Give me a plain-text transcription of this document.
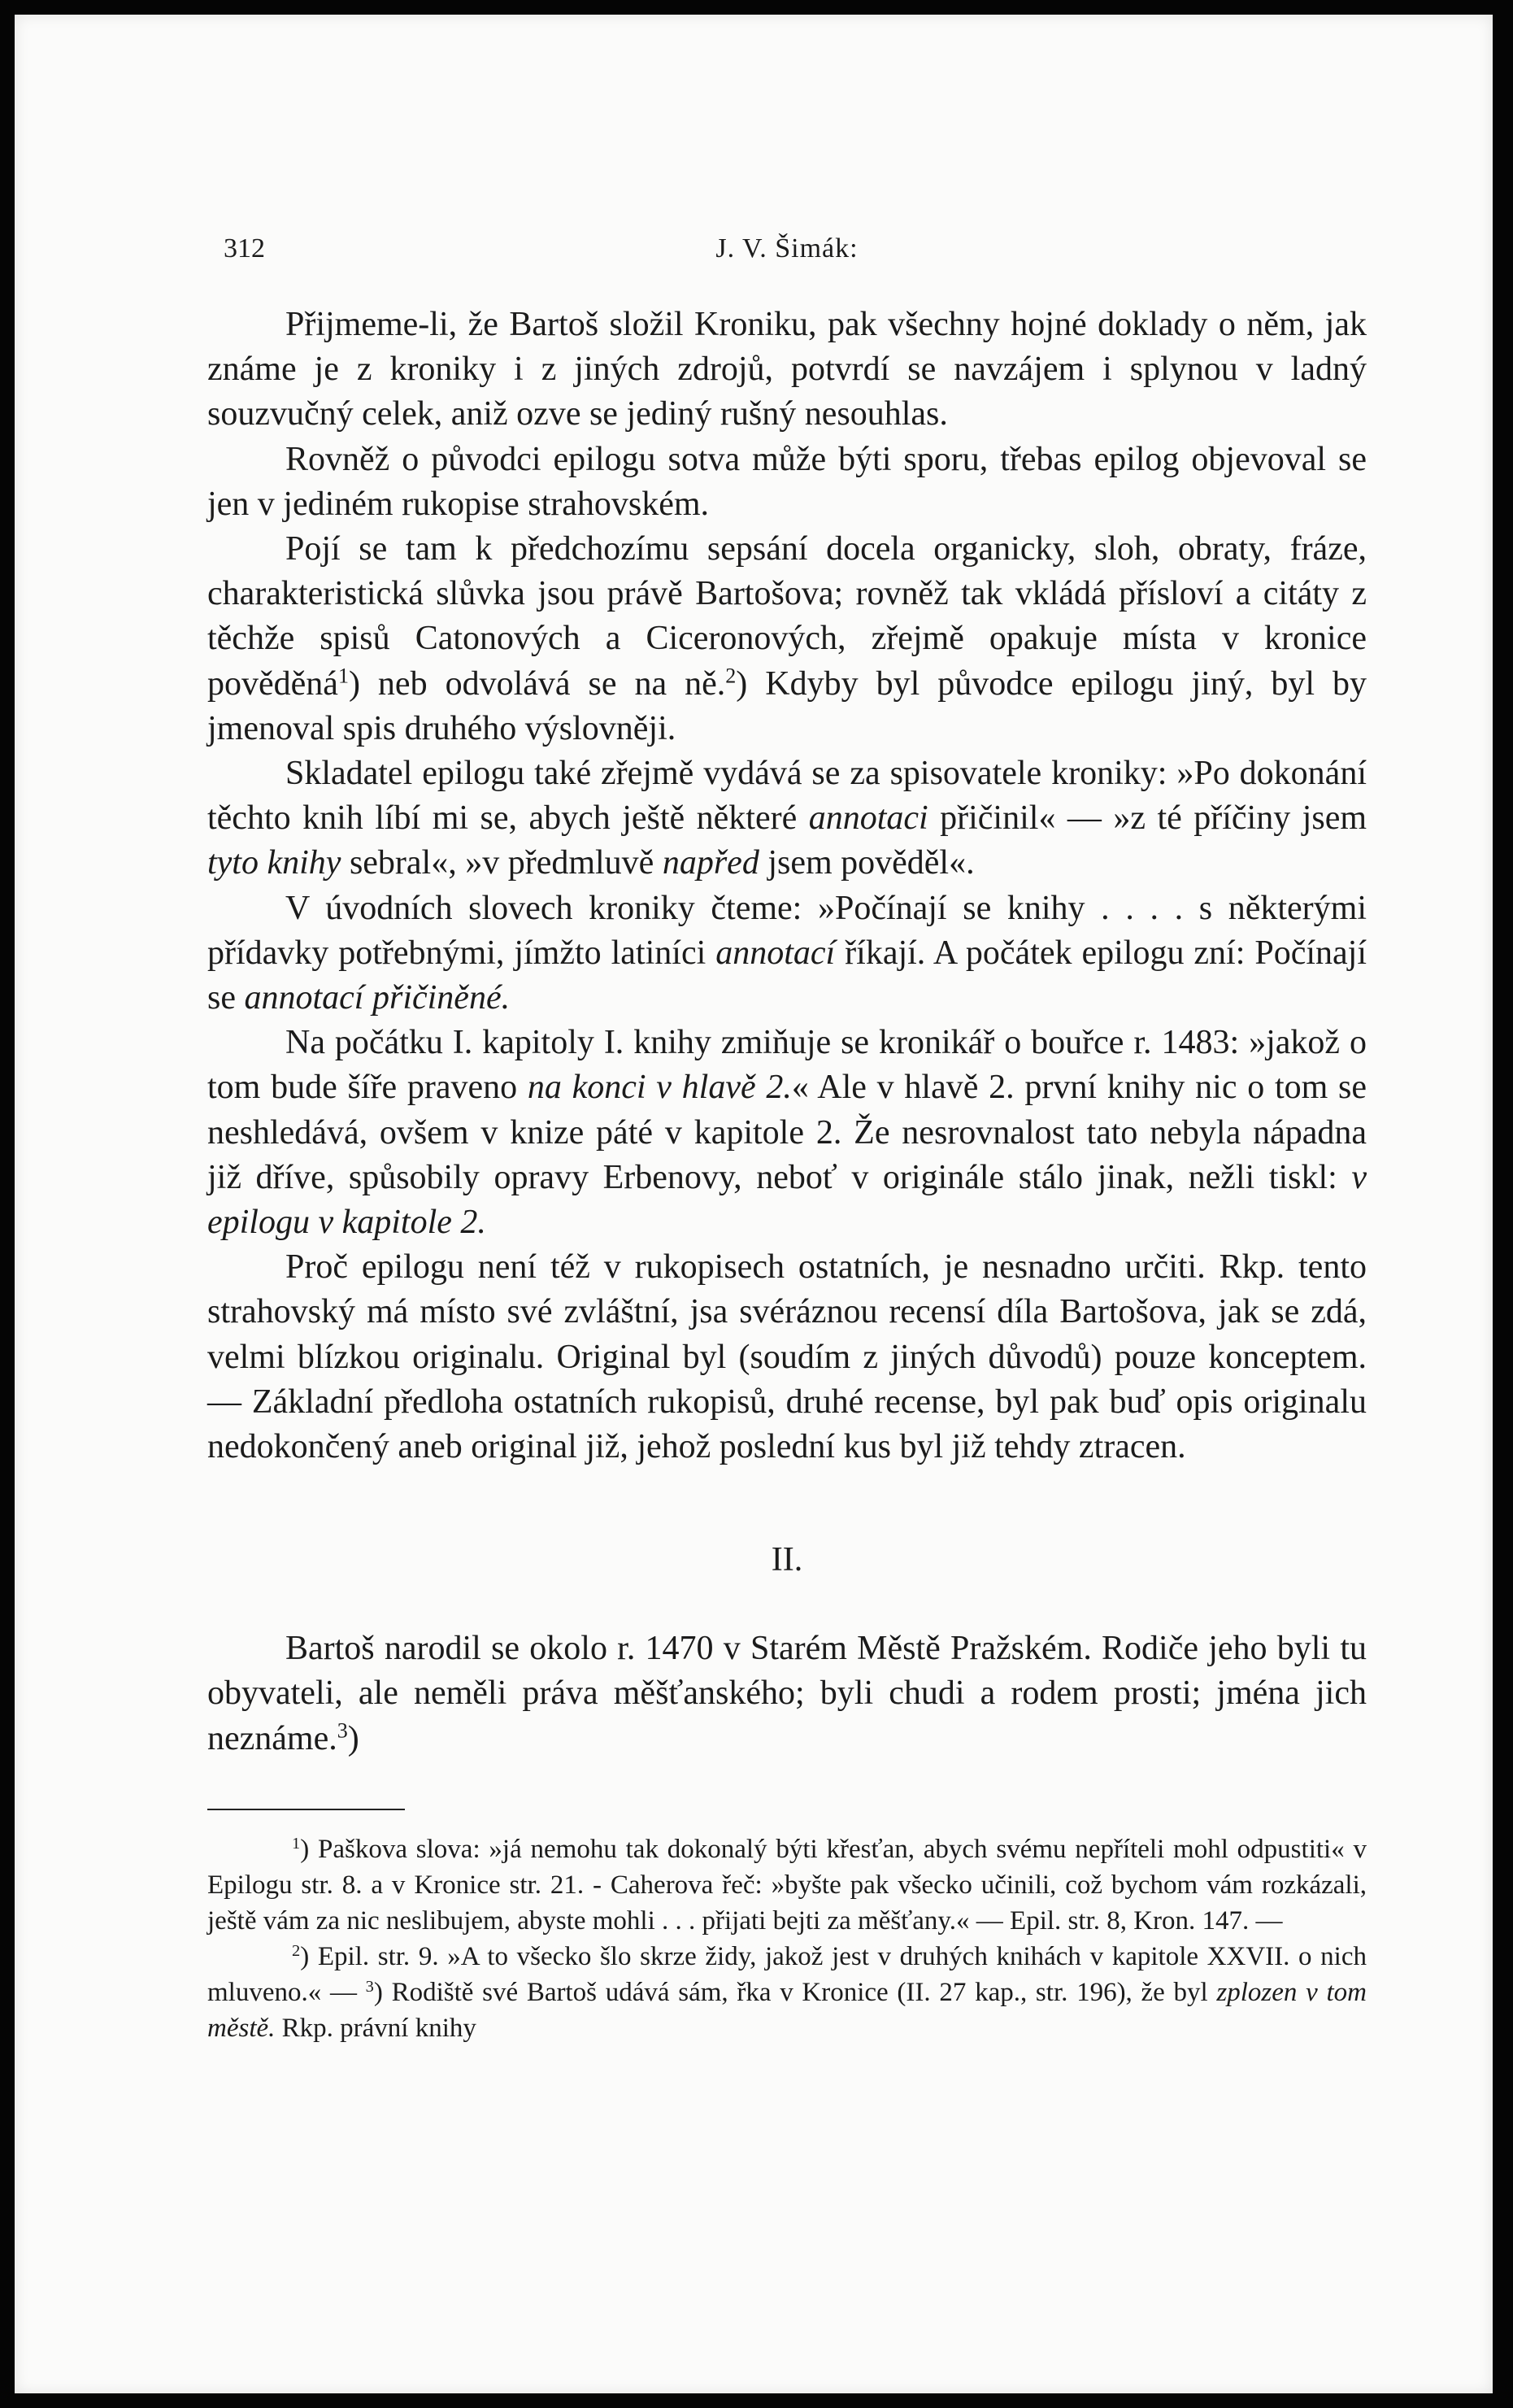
312	J. V. Šimák:

Přijmeme-li, že Bartoš složil Kroniku, pak všechny hojné doklady o něm, jak známe je z kroniky i z jiných zdrojů, potvrdí se navzájem i splynou v ladný souzvučný celek, aniž ozve se jediný rušný nesouhlas.

Rovněž o původci epilogu sotva může býti sporu, třebas epilog objevoval se jen v jediném rukopise strahovském.

Pojí se tam k předchozímu sepsání docela organicky, sloh, obraty, fráze, charakteristická slůvka jsou právě Bartošova; rovněž tak vkládá přísloví a citáty z těchže spisů Catonových a Ciceronových, zřejmě opakuje místa v kronice pověděná$^1$) neb odvolává se na ně.$^2$) Kdyby byl původce epilogu jiný, byl by jmenoval spis druhého výslovněji.

Skladatel epilogu také zřejmě vydává se za spisovatele kroniky: »Po dokonání těchto knih líbí mi se, abych ještě některé annotaci přičinil« — »z té příčiny jsem tyto knihy sebral«, »v předmluvě napřed jsem pověděl«.

V úvodních slovech kroniky čteme: »Počínají se knihy . . . . s některými přídavky potřebnými, jímžto latiníci annotací říkají. A počátek epilogu zní: Počínají se annotací přičiněné.

Na počátku I. kapitoly I. knihy zmiňuje se kronikář o bouřce r. 1483: »jakož o tom bude šíře praveno na konci v hlavě 2.« Ale v hlavě 2. první knihy nic o tom se neshledává, ovšem v knize páté v kapitole 2. Že nesrovnalost tato nebyla nápadna již dříve, spůsobily opravy Erbenovy, neboť v originále stálo jinak, nežli tiskl: v epilogu v kapitole 2.

Proč epilogu není též v rukopisech ostatních, je nesnadno určiti. Rkp. tento strahovský má místo své zvláštní, jsa svéráznou recensí díla Bartošova, jak se zdá, velmi blízkou originalu. Original byl (soudím z jiných důvodů) pouze konceptem. — Základní předloha ostatních rukopisů, druhé recense, byl pak buď opis originalu nedokončený aneb original již, jehož poslední kus byl již tehdy ztracen.

II.

Bartoš narodil se okolo r. 1470 v Starém Městě Pražském. Rodiče jeho byli tu obyvateli, ale neměli práva měšťanského; byli chudi a rodem prosti; jména jich neznáme.$^3$)

$^1$) Paškova slova: »já nemohu tak dokonalý býti křesťan, abych svému nepříteli mohl odpustiti« v Epilogu str. 8. a v Kronice str. 21. - Caherova řeč: »byšte pak všecko učinili, což bychom vám rozkázali, ještě vám za nic neslibujem, abyste mohli . . . přijati bejti za měšťany.« — Epil. str. 8, Kron. 147. —

$^2$) Epil. str. 9. »A to všecko šlo skrze židy, jakož jest v druhých knihách v kapitole XXVII. o nich mluveno.« — $^3$) Rodiště své Bartoš udává sám, řka v Kronice (II. 27 kap., str. 196), že byl zplozen v tom městě. Rkp. právní knihy
